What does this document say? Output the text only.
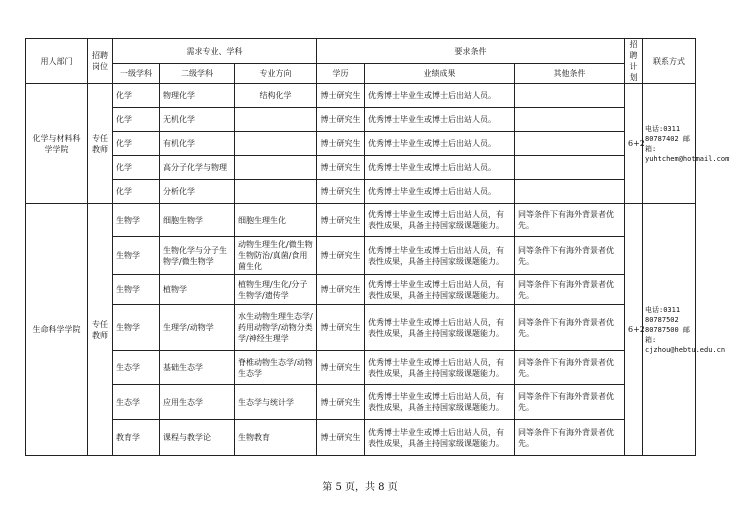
用人部门	招聘岗位	需求专业、学科			要求条件			招聘计划	联系方式
		一级学科	二级学科	专业方向	学历	业绩成果	其他条件		
化学与材料科学学院	专任教师	化学	物理化学	结构化学	博士研究生	优秀博士毕业生或博士后出站人员。		6+2	电话:0311 80787402 邮箱: yuhtchem@hotmail.com
		化学	无机化学		博士研究生	优秀博士毕业生或博士后出站人员。			
		化学	有机化学		博士研究生	优秀博士毕业生或博士后出站人员。			
		化学	高分子化学与物理		博士研究生	优秀博士毕业生或博士后出站人员。			
		化学	分析化学		博士研究生	优秀博士毕业生或博士后出站人员。			
生命科学学院	专任教师	生物学	细胞生物学	细胞生理生化	博士研究生	优秀博士毕业生或博士后出站人员，有表性成果，具备主持国家级课题能力。	同等条件下有海外背景者优先。	6+2	电话:0311 80787502 80787500 邮箱: cjzhou@hebtu.edu.cn
		生物学	生物化学与分子生物学/微生物学	动物生理生化/微生物生物防治/真菌/食用菌生化	博士研究生	优秀博士毕业生或博士后出站人员，有表性成果，具备主持国家级课题能力。	同等条件下有海外背景者优先。		
		生物学	植物学	植物生理/生化/分子生物学/遗传学	博士研究生	优秀博士毕业生或博士后出站人员，有表性成果，具备主持国家级课题能力。	同等条件下有海外背景者优先。		
		生物学	生理学/动物学	水生动物生理生态学/药用动物学/动物分类学/神经生理学	博士研究生	优秀博士毕业生或博士后出站人员，有表性成果，具备主持国家级课题能力。	同等条件下有海外背景者优先。		
		生态学	基础生态学	脊椎动物生态学/动物生态学	博士研究生	优秀博士毕业生或博士后出站人员，有表性成果，具备主持国家级课题能力。	同等条件下有海外背景者优先。		
		生态学	应用生态学	生态学与统计学	博士研究生	优秀博士毕业生或博士后出站人员，有表性成果，具备主持国家级课题能力。	同等条件下有海外背景者优先。		
		教育学	课程与教学论	生物教育	博士研究生	优秀博士毕业生或博士后出站人员，有表性成果，具备主持国家级课题能力。	同等条件下有海外背景者优先。		
第 5 页，共 8 页
